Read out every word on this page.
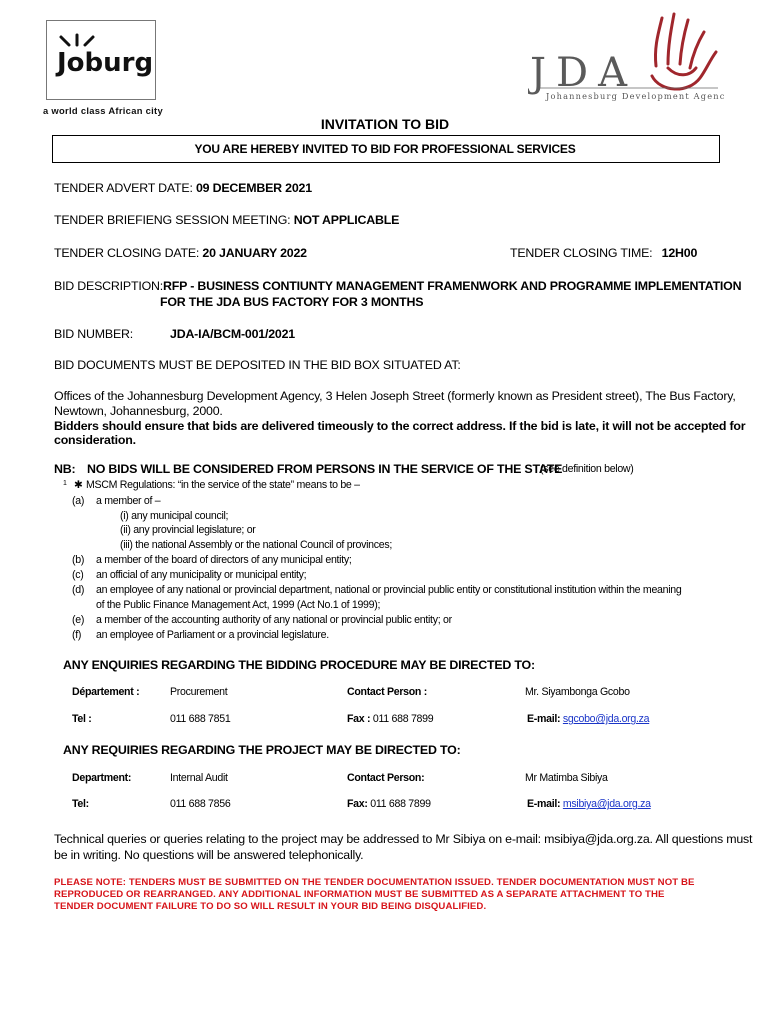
Joburg
a world class African city
JDA
Johannesburg Development Agency
INVITATION TO BID
YOU ARE HEREBY INVITED TO BID FOR PROFESSIONAL SERVICES
TENDER ADVERT DATE: 09 DECEMBER 2021
TENDER BRIEFIENG SESSION MEETING: NOT APPLICABLE
TENDER CLOSING DATE: 20 JANUARY 2022	TENDER CLOSING TIME: 12H00
BID DESCRIPTION: RFP - BUSINESS CONTIUNTY MANAGEMENT FRAMENWORK AND PROGRAMME IMPLEMENTATION
FOR THE JDA BUS FACTORY FOR 3 MONTHS
BID NUMBER:	JDA-IA/BCM-001/2021
BID DOCUMENTS MUST BE DEPOSITED IN THE BID BOX SITUATED AT:
Offices of the Johannesburg Development Agency, 3 Helen Joseph Street (formerly known as President street), The Bus Factory,
Newtown, Johannesburg, 2000.
Bidders should ensure that bids are delivered timeously to the correct address. If the bid is late, it will not be accepted for
consideration.
NB: NO BIDS WILL BE CONSIDERED FROM PERSONS IN THE SERVICE OF THE STATE
(see definition below)
1 ✱ MSCM Regulations: “in the service of the state” means to be –
(a) a member of –
(i) any municipal council;
(ii) any provincial legislature; or
(iii) the national Assembly or the national Council of provinces;
(b) a member of the board of directors of any municipal entity;
(c) an official of any municipality or municipal entity;
(d) an employee of any national or provincial department, national or provincial public entity or constitutional institution within the meaning
of the Public Finance Management Act, 1999 (Act No.1 of 1999);
(e) a member of the accounting authority of any national or provincial public entity; or
(f) an employee of Parliament or a provincial legislature.
ANY ENQUIRIES REGARDING THE BIDDING PROCEDURE MAY BE DIRECTED TO:
Département :	Procurement	Contact Person :	Mr. Siyambonga Gcobo
Tel :	011 688 7851	Fax : 011 688 7899	E-mail: sgcobo@jda.org.za
ANY REQUIRIES REGARDING THE PROJECT MAY BE DIRECTED TO:
Department:	Internal Audit	Contact Person:	Mr Matimba Sibiya
Tel:	011 688 7856	Fax: 011 688 7899	E-mail: msibiya@jda.org.za
Technical queries or queries relating to the project may be addressed to Mr Sibiya on e-mail: msibiya@jda.org.za. All questions must
be in writing. No questions will be answered telephonically.
PLEASE NOTE: TENDERS MUST BE SUBMITTED ON THE TENDER DOCUMENTATION ISSUED. TENDER DOCUMENTATION MUST NOT BE
REPRODUCED OR REARRANGED. ANY ADDITIONAL INFORMATION MUST BE SUBMITTED AS A SEPARATE ATTACHMENT TO THE
TENDER DOCUMENT FAILURE TO DO SO WILL RESULT IN YOUR BID BEING DISQUALIFIED.
